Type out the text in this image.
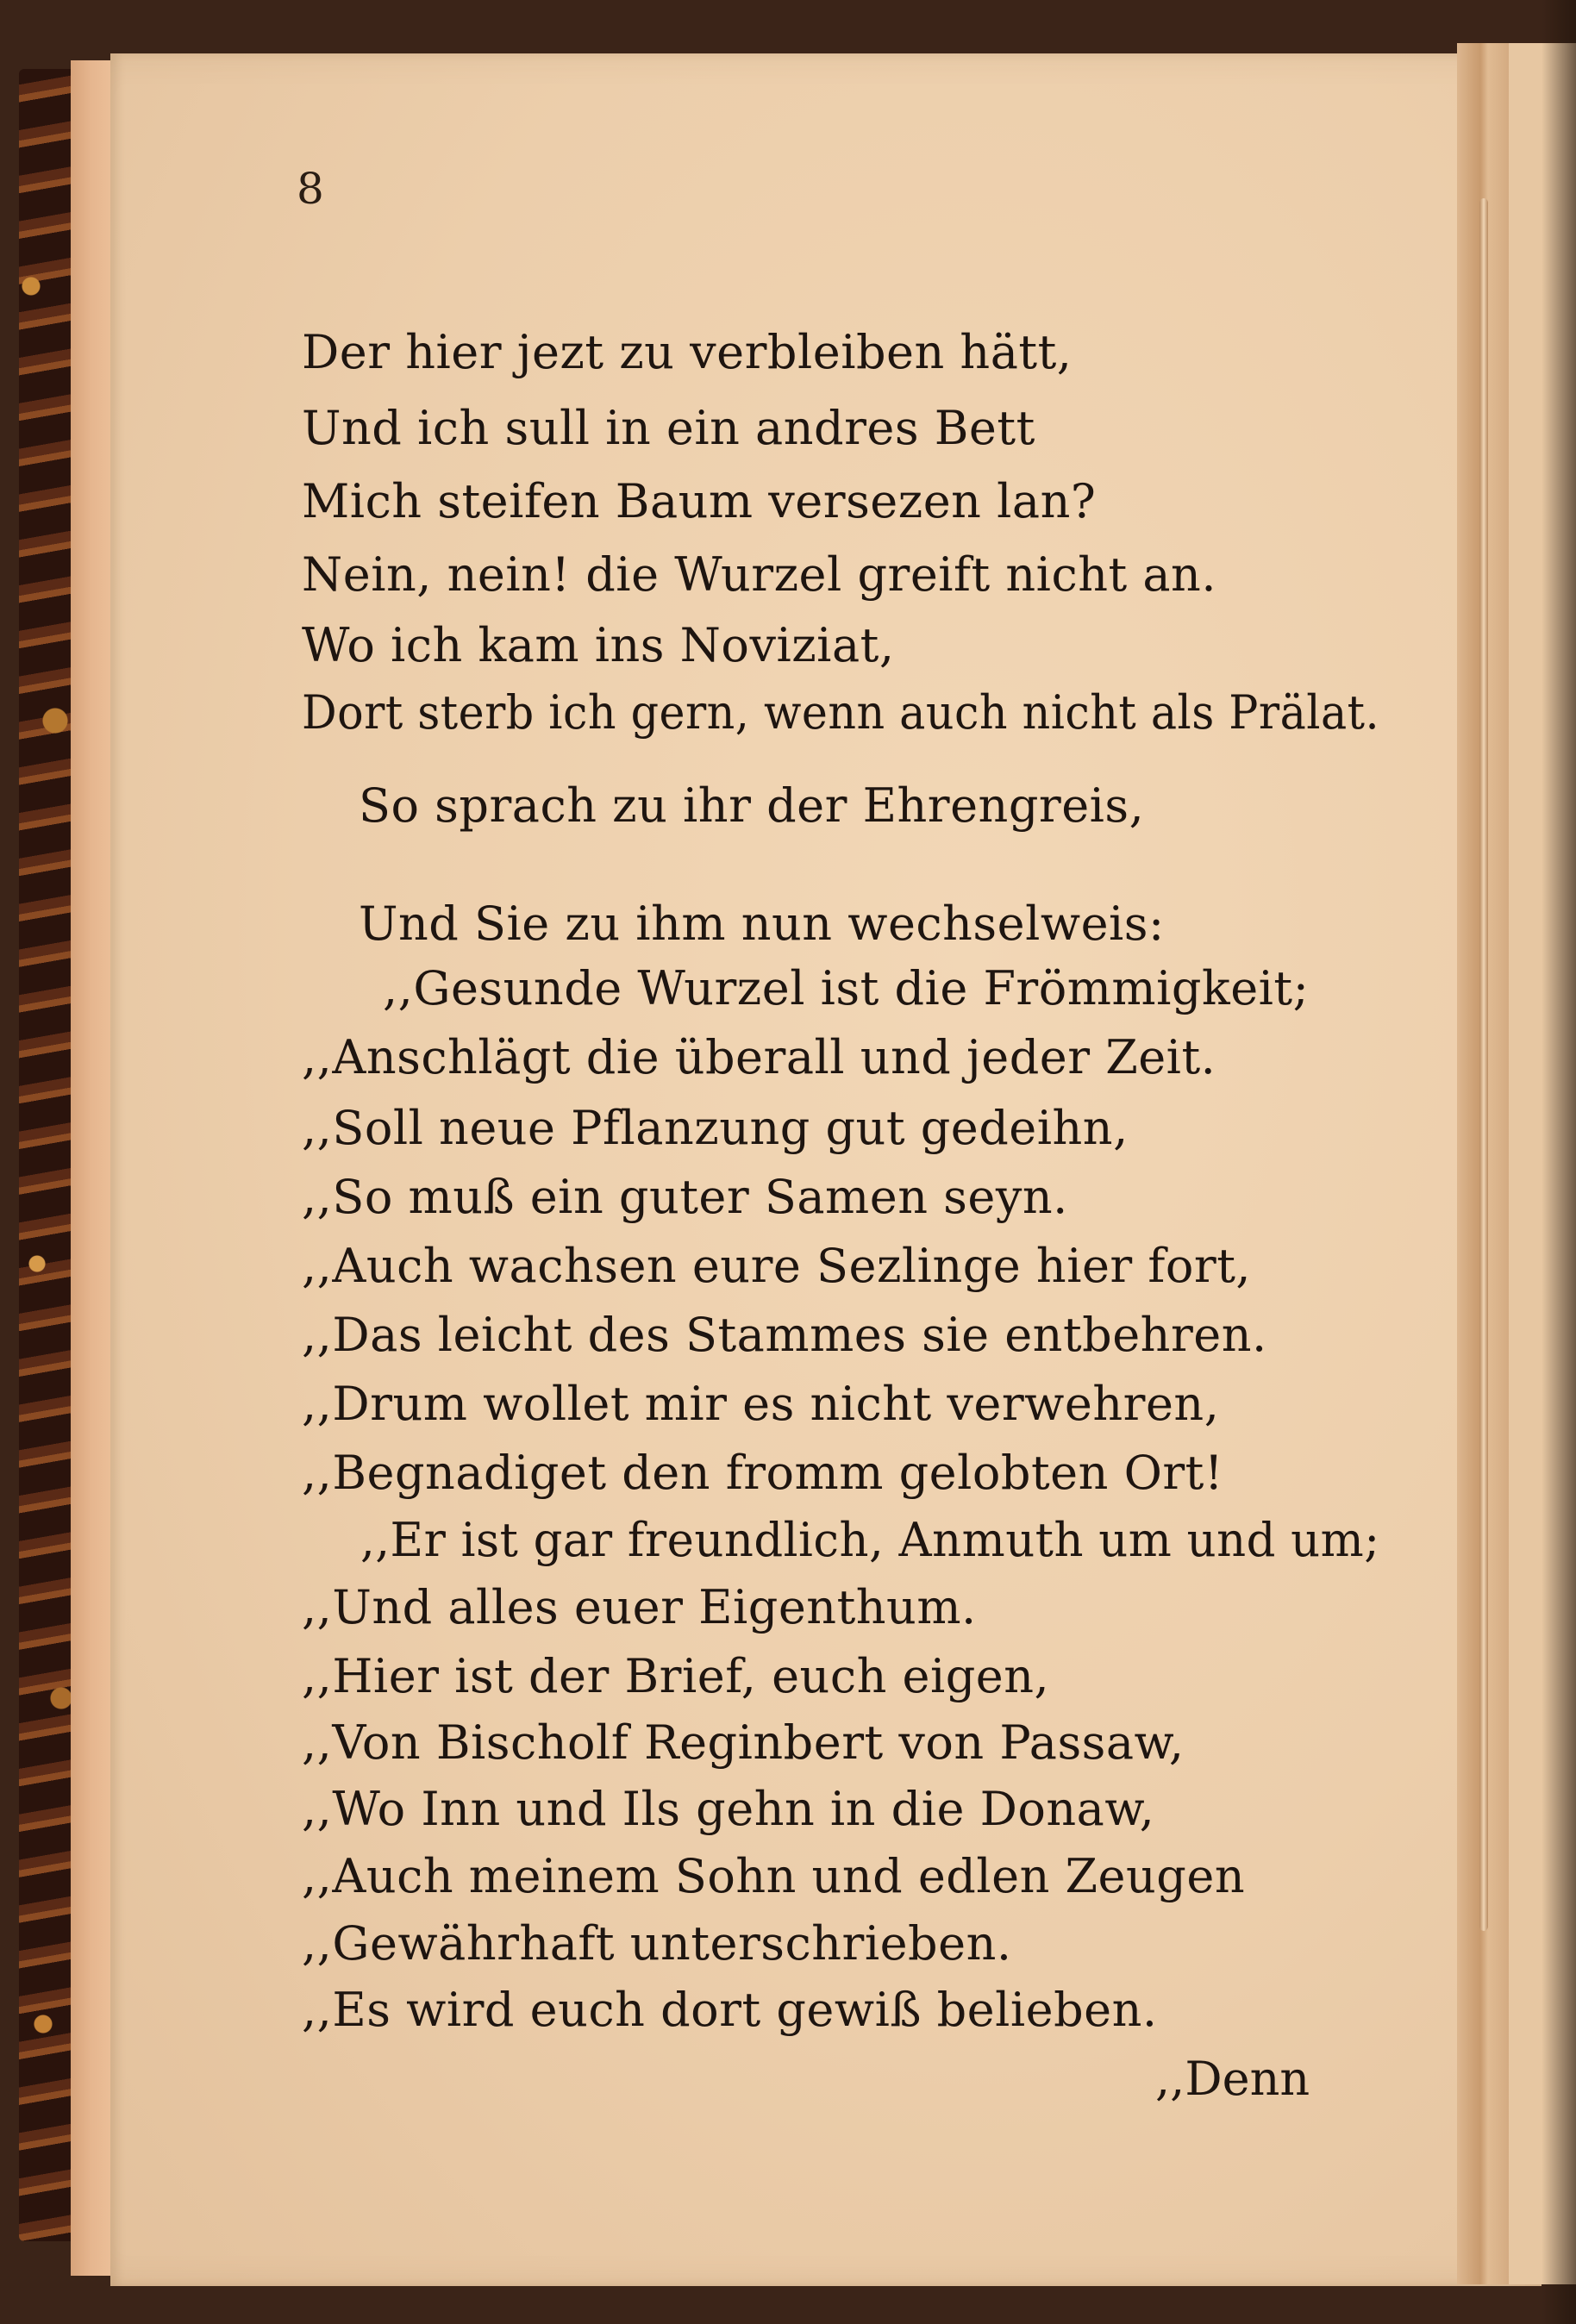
8
Der hier jezt zu verbleiben hätt,
Und ich sull in ein andres Bett
Mich steifen Baum versezen lan?
Nein, nein! die Wurzel greift nicht an.
Wo ich kam ins Noviziat,
Dort sterb ich gern, wenn auch nicht als Prälat.
So sprach zu ihr der Ehrengreis,
Und Sie zu ihm nun wechselweis:
,,Gesunde Wurzel ist die Frömmigkeit;
,,Anschlägt die überall und jeder Zeit.
,,Soll neue Pflanzung gut gedeihn,
,,So muß ein guter Samen seyn.
,,Auch wachsen eure Sezlinge hier fort,
,,Das leicht des Stammes sie entbehren.
,,Drum wollet mir es nicht verwehren,
,,Begnadiget den fromm gelobten Ort!
,,Er ist gar freundlich, Anmuth um und um;
,,Und alles euer Eigenthum.
,,Hier ist der Brief, euch eigen,
,,Von Bischolf Reginbert von Passaw,
,,Wo Inn und Ils gehn in die Donaw,
,,Auch meinem Sohn und edlen Zeugen
,,Gewährhaft unterschrieben.
,,Es wird euch dort gewiß belieben.
,,Denn
